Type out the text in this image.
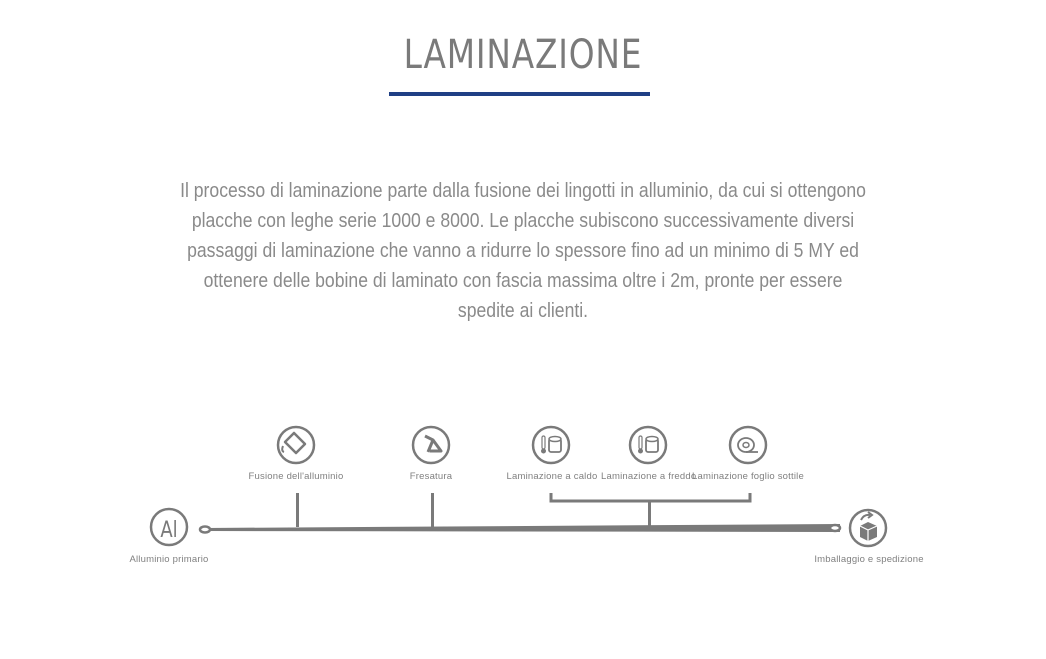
LAMINAZIONE
Il processo di laminazione parte dalla fusione dei lingotti in alluminio, da cui si ottengono placche con leghe serie 1000 e 8000. Le placche subiscono successivamente diversi passaggi di laminazione che vanno a ridurre lo spessore fino ad un minimo di 5 MY ed ottenere delle bobine di laminato con fascia massima oltre i 2m, pronte per essere spedite ai clienti.
Al
Fusione dell'alluminio	Fresatura	Laminazione a caldo Laminazione a freddo
Laminazione foglio sottile
Alluminio primario	Imballaggio e spedizione
